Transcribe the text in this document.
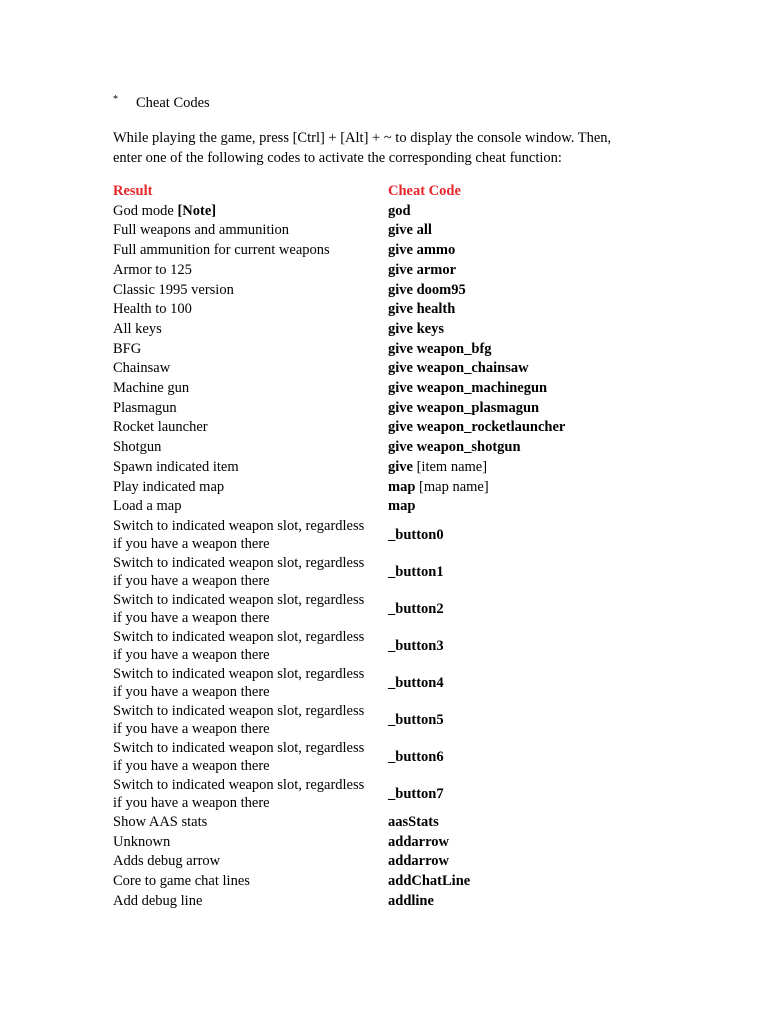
*	Cheat Codes
While playing the game, press [Ctrl] + [Alt] + ~ to display the console window. Then,
enter one of the following codes to activate the corresponding cheat function:
Result	Cheat Code
God mode [Note]	god
Full weapons and ammunition	give all
Full ammunition for current weapons	give ammo
Armor to 125	give armor
Classic 1995 version	give doom95
Health to 100	give health
All keys	give keys
BFG	give weapon_bfg
Chainsaw	give weapon_chainsaw
Machine gun	give weapon_machinegun
Plasmagun	give weapon_plasmagun
Rocket launcher	give weapon_rocketlauncher
Shotgun	give weapon_shotgun
Spawn indicated item	give [item name]
Play indicated map	map [map name]
Load a map	map

Switch to indicated weapon slot, regardless
if you have a weapon there	_button0

Switch to indicated weapon slot, regardless
if you have a weapon there	_button1

Switch to indicated weapon slot, regardless
if you have a weapon there	_button2

Switch to indicated weapon slot, regardless
if you have a weapon there	_button3

Switch to indicated weapon slot, regardless
if you have a weapon there	_button4

Switch to indicated weapon slot, regardless
if you have a weapon there	_button5

Switch to indicated weapon slot, regardless
if you have a weapon there	_button6

Switch to indicated weapon slot, regardless
if you have a weapon there	_button7
Show AAS stats	aasStats
Unknown	addarrow
Adds debug arrow	addarrow
Core to game chat lines	addChatLine
Add debug line	addline
